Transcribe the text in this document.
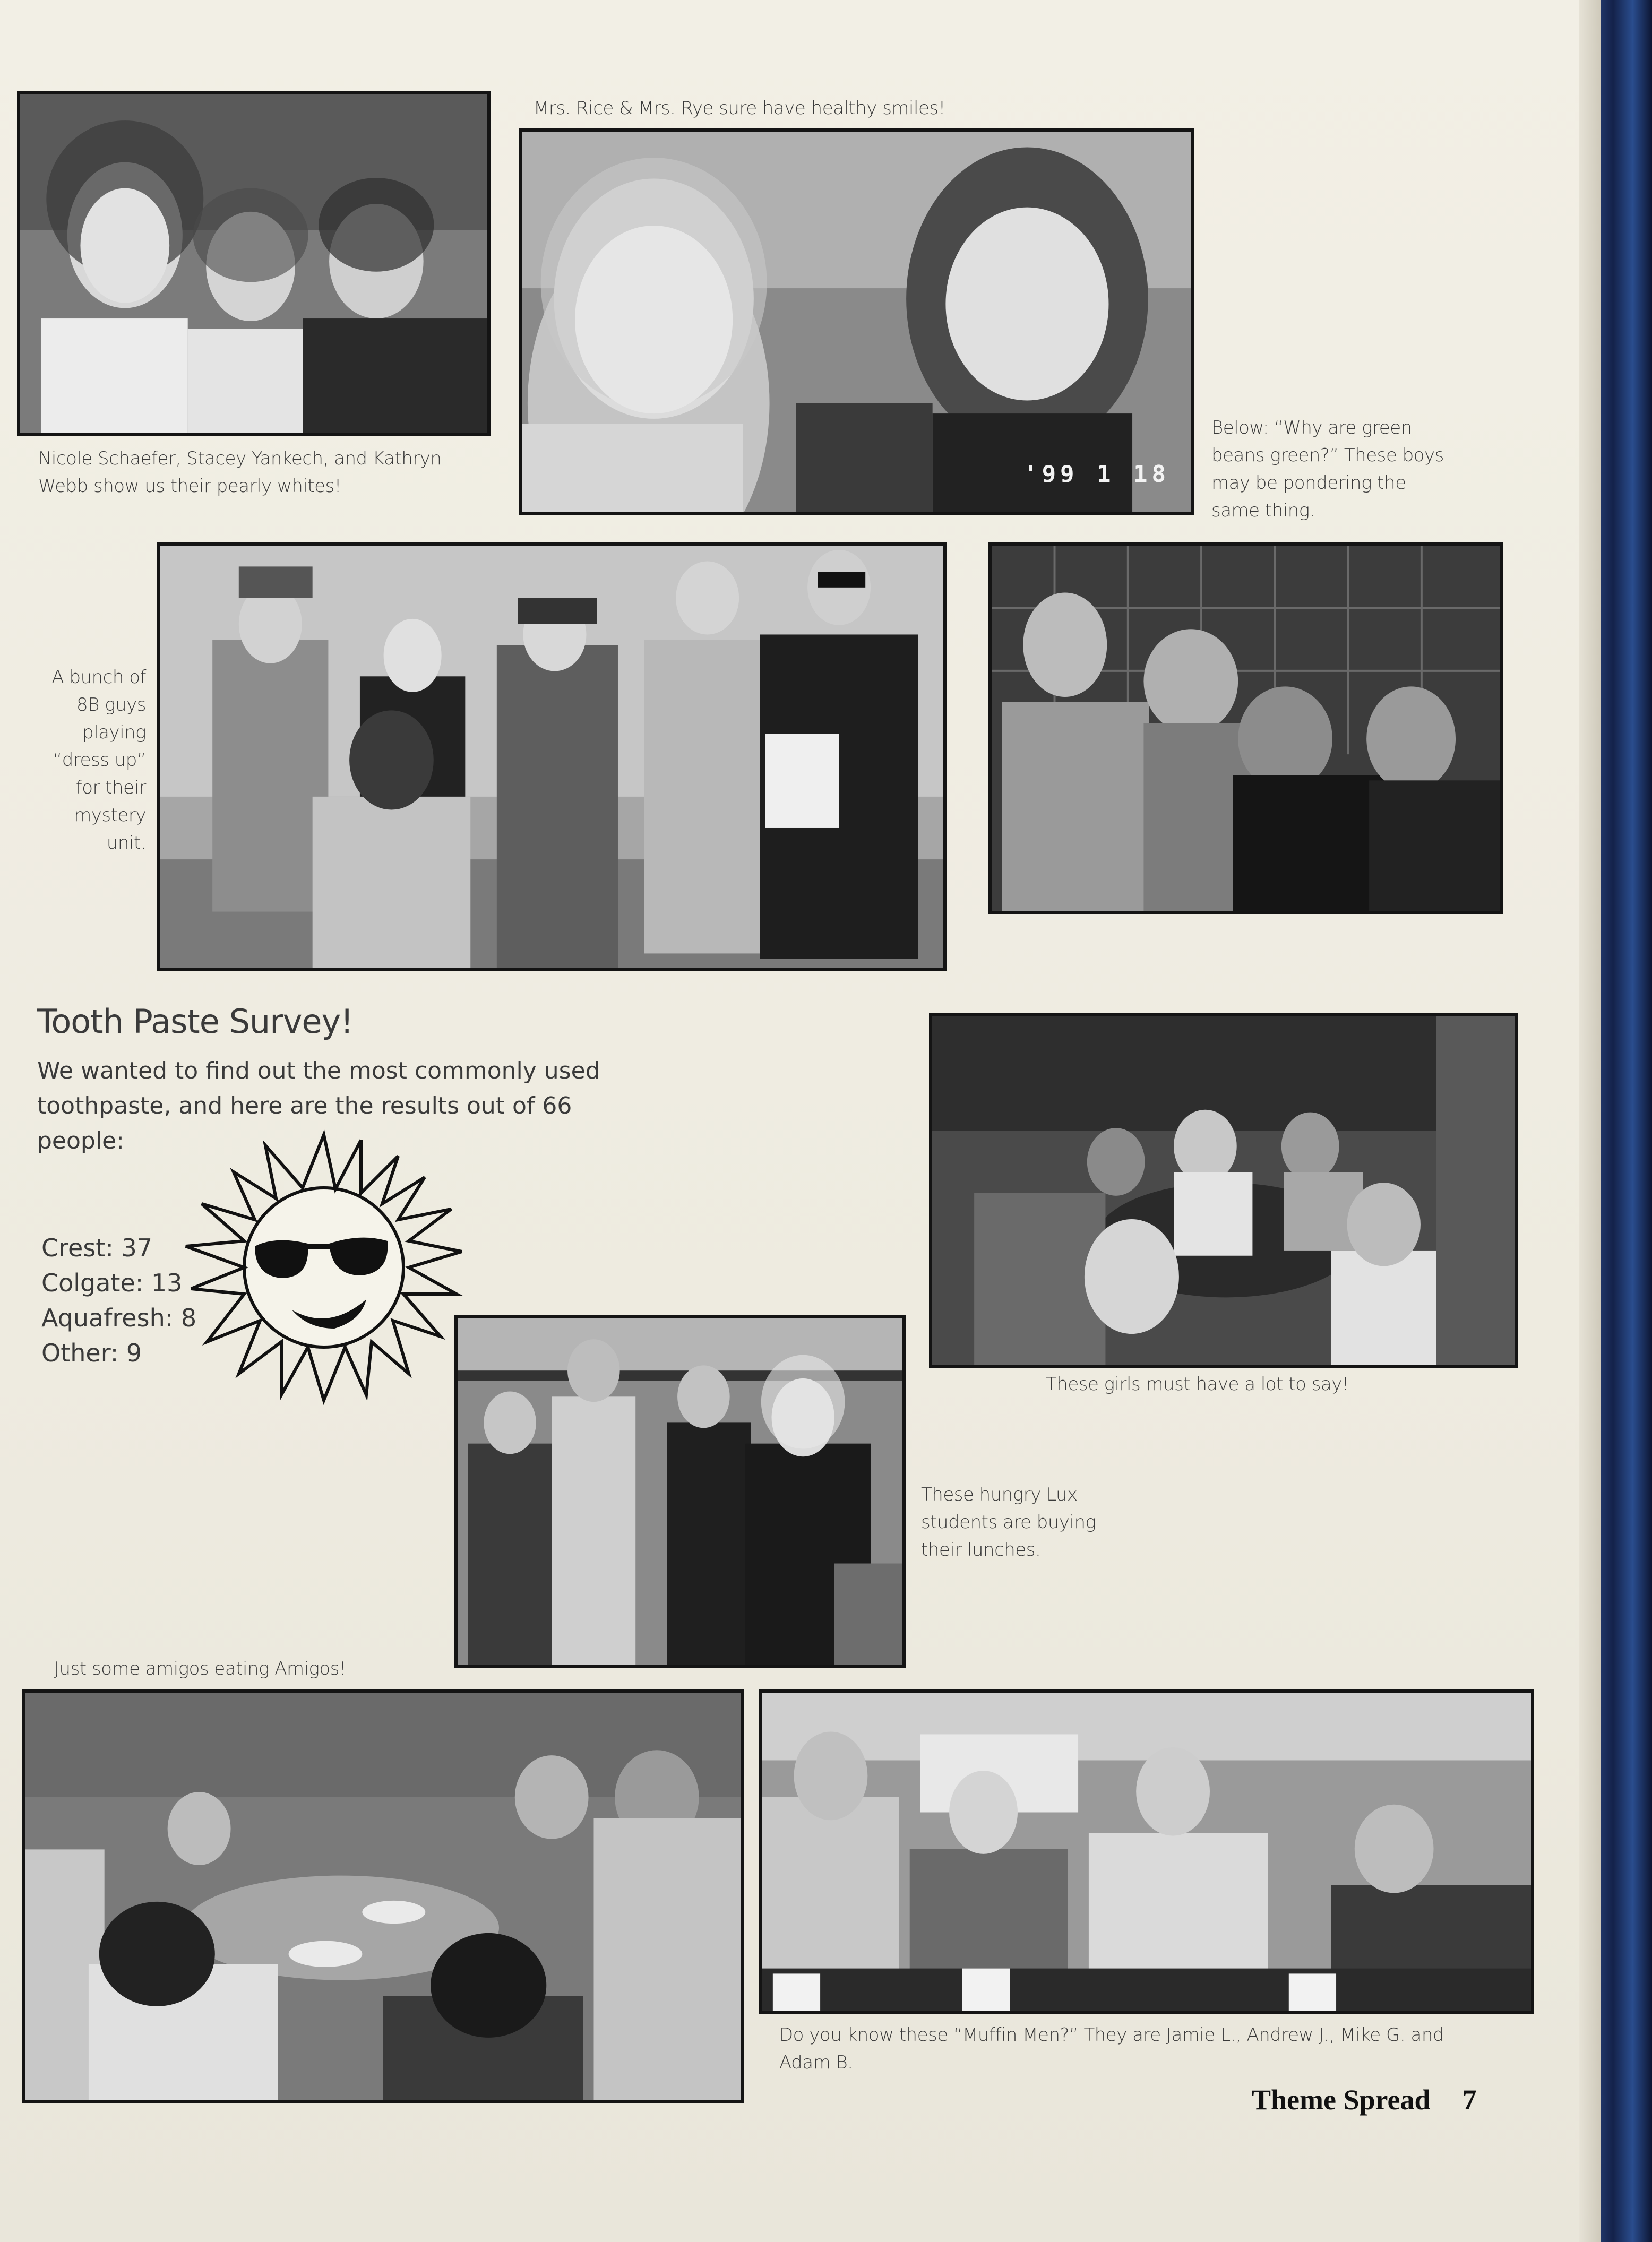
Nicole Schaefer, Stacey Yankech, and Kathryn Webb show us their pearly whites!
Mrs. Rice & Mrs. Rye sure have healthy smiles!
'99 1 18
Below: “Why are green beans green?” These boys may be pondering the same thing.
A bunch of 8B guys playing “dress up” for their mystery unit.
Tooth Paste Survey!
We wanted to find out the most commonly used toothpaste, and here are the results out of 66 people:
Crest: 37
Colgate: 13
Aquafresh: 8
Other: 9
These girls must have a lot to say!
These hungry Lux students are buying their lunches.
Just some amigos eating Amigos!
Do you know these “Muffin Men?” They are Jamie L., Andrew J., Mike G. and Adam B.
Theme Spread 7
